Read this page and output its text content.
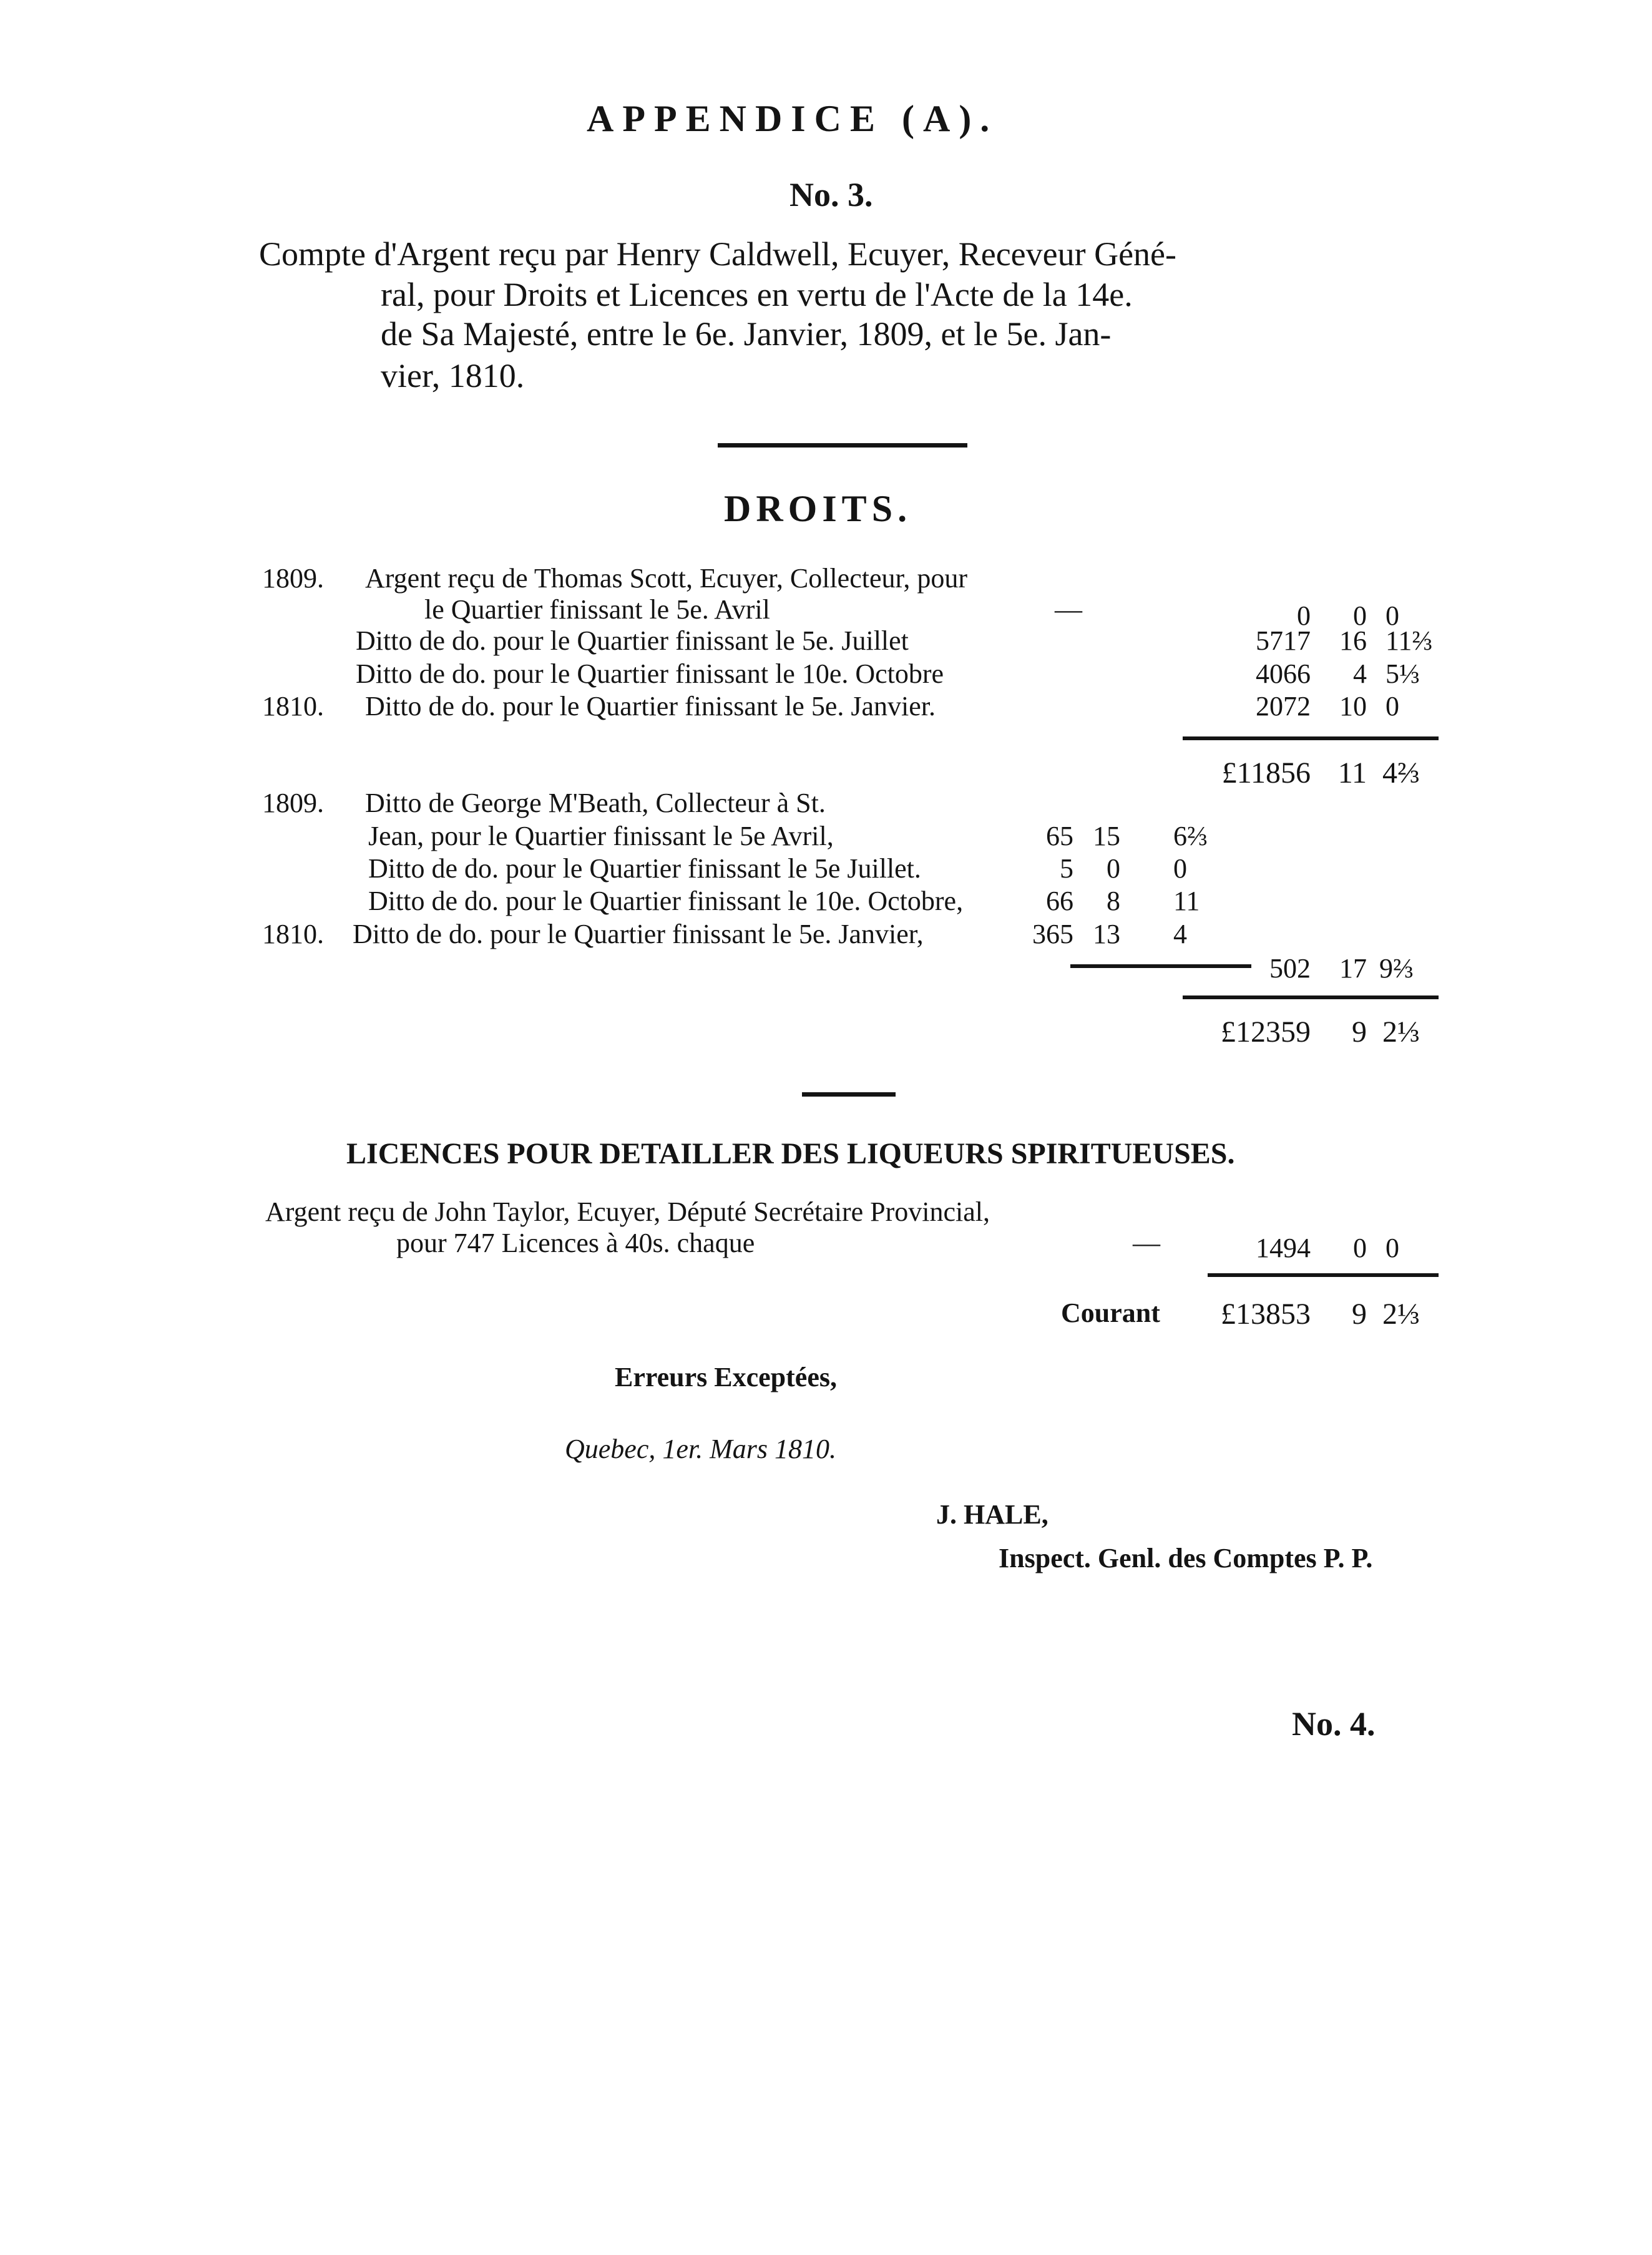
APPENDICE (A).
No. 3.
Compte d'Argent reçu par Henry Caldwell, Ecuyer, Receveur Géné-
ral, pour Droits et Licences en vertu de l'Acte de la 14e.
de Sa Majesté, entre le 6e. Janvier, 1809, et le 5e. Jan-
vier, 1810.
DROITS.
1809. Argent reçu de Thomas Scott, Ecuyer, Collecteur, pour
le Quartier finissant le 5e. Avril	—	0	0 0
Ditto de do. pour le Quartier finissant le 5e. Juillet	5717	16 11⅔
Ditto de do. pour le Quartier finissant le 10e. Octobre	4066	4 5⅓
1810. Ditto de do. pour le Quartier finissant le 5e. Janvier.	2072	10 0
£11856 11 4⅔
1809. Ditto de George M'Beath, Collecteur à St.
Jean, pour le Quartier finissant le 5e Avril,	65 15 6⅔
Ditto de do. pour le Quartier finissant le 5e Juillet.	5	0 0
Ditto de do. pour le Quartier finissant le 10e. Octobre,	66	8 11
1810. Ditto de do. pour le Quartier finissant le 5e. Janvier,	365 13 4
502	17 9⅔
£12359	9 2⅓
LICENCES POUR DETAILLER DES LIQUEURS SPIRITUEUSES.
Argent reçu de John Taylor, Ecuyer, Député Secrétaire Provincial,
pour 747 Licences à 40s. chaque	—	1494	0 0
Courant	£13853	9 2⅓
Erreurs Exceptées,
Quebec, 1er. Mars 1810.
J. HALE,
Inspect. Genl. des Comptes P. P.
No. 4.
